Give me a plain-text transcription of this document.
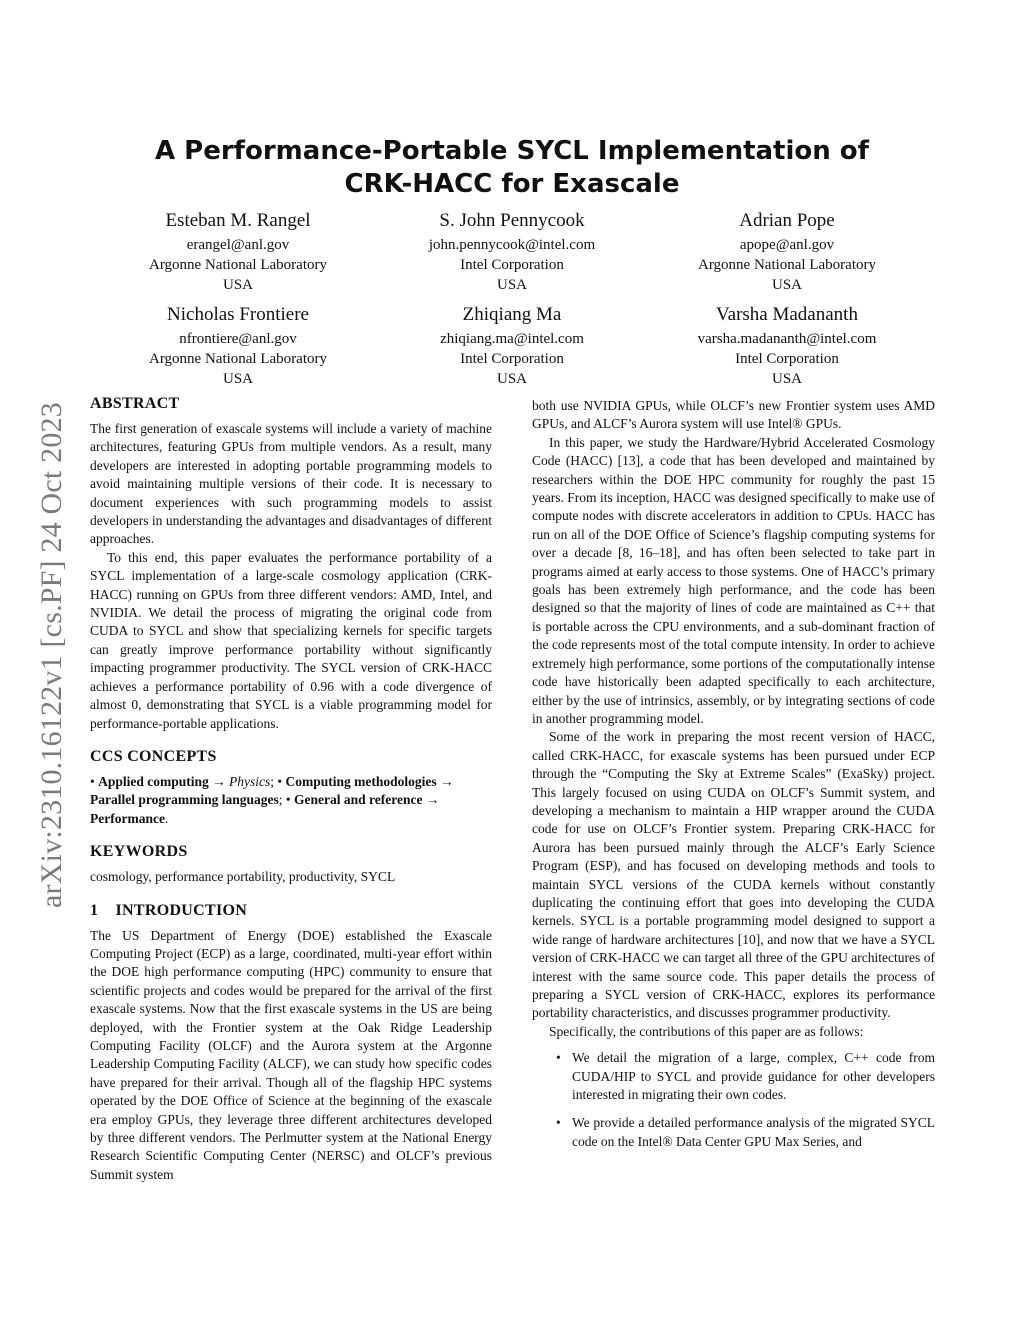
arXiv:2310.16122v1 [cs.PF] 24 Oct 2023
A Performance-Portable SYCL Implementation of
CRK-HACC for Exascale
Esteban M. Rangel
erangel@anl.gov
Argonne National Laboratory
USA
S. John Pennycook
john.pennycook@intel.com
Intel Corporation
USA
Adrian Pope
apope@anl.gov
Argonne National Laboratory
USA
Nicholas Frontiere
nfrontiere@anl.gov
Argonne National Laboratory
USA
Zhiqiang Ma
zhiqiang.ma@intel.com
Intel Corporation
USA
Varsha Madananth
varsha.madananth@intel.com
Intel Corporation
USA
ABSTRACT

The first generation of exascale systems will include a variety of machine architectures, featuring GPUs from multiple vendors. As a result, many developers are interested in adopting portable programming models to avoid maintaining multiple versions of their code. It is necessary to document experiences with such programming models to assist developers in understanding the advantages and disadvantages of different approaches.

To this end, this paper evaluates the performance portability of a SYCL implementation of a large-scale cosmology application (CRK-HACC) running on GPUs from three different vendors: AMD, Intel, and NVIDIA. We detail the process of migrating the original code from CUDA to SYCL and show that specializing kernels for specific targets can greatly improve performance portability without significantly impacting programmer productivity. The SYCL version of CRK-HACC achieves a performance portability of 0.96 with a code divergence of almost 0, demonstrating that SYCL is a viable programming model for performance-portable applications.

CCS CONCEPTS

• Applied computing → Physics; • Computing methodologies → Parallel programming languages; • General and reference → Performance.

KEYWORDS

cosmology, performance portability, productivity, SYCL

1    INTRODUCTION

The US Department of Energy (DOE) established the Exascale Computing Project (ECP) as a large, coordinated, multi-year effort within the DOE high performance computing (HPC) community to ensure that scientific projects and codes would be prepared for the arrival of the first exascale systems. Now that the first exascale systems in the US are being deployed, with the Frontier system at the Oak Ridge Leadership Computing Facility (OLCF) and the Aurora system at the Argonne Leadership Computing Facility (ALCF), we can study how specific codes have prepared for their arrival. Though all of the flagship HPC systems operated by the DOE Office of Science at the beginning of the exascale era employ GPUs, they leverage three different architectures developed by three different vendors. The Perlmutter system at the National Energy Research Scientific Computing Center (NERSC) and OLCF’s previous Summit system

both use NVIDIA GPUs, while OLCF’s new Frontier system uses AMD GPUs, and ALCF’s Aurora system will use Intel® GPUs.

In this paper, we study the Hardware/Hybrid Accelerated Cosmology Code (HACC) [13], a code that has been developed and maintained by researchers within the DOE HPC community for roughly the past 15 years. From its inception, HACC was designed specifically to make use of compute nodes with discrete accelerators in addition to CPUs. HACC has run on all of the DOE Office of Science’s flagship computing systems for over a decade [8, 16–18], and has often been selected to take part in programs aimed at early access to those systems. One of HACC’s primary goals has been extremely high performance, and the code has been designed so that the majority of lines of code are maintained as C++ that is portable across the CPU environments, and a sub-dominant fraction of the code represents most of the total compute intensity. In order to achieve extremely high performance, some portions of the computationally intense code have historically been adapted specifically to each architecture, either by the use of intrinsics, assembly, or by integrating sections of code in another programming model.

Some of the work in preparing the most recent version of HACC, called CRK-HACC, for exascale systems has been pursued under ECP through the “Computing the Sky at Extreme Scales” (ExaSky) project. This largely focused on using CUDA on OLCF’s Summit system, and developing a mechanism to maintain a HIP wrapper around the CUDA code for use on OLCF’s Frontier system. Preparing CRK-HACC for Aurora has been pursued mainly through the ALCF’s Early Science Program (ESP), and has focused on developing methods and tools to maintain SYCL versions of the CUDA kernels without constantly duplicating the continuing effort that goes into developing the CUDA kernels. SYCL is a portable programming model designed to support a wide range of hardware architectures [10], and now that we have a SYCL version of CRK-HACC we can target all three of the GPU architectures of interest with the same source code. This paper details the process of preparing a SYCL version of CRK-HACC, explores its performance portability characteristics, and discusses programmer productivity.

Specifically, the contributions of this paper are as follows:

• We detail the migration of a large, complex, C++ code from CUDA/HIP to SYCL and provide guidance for other developers interested in migrating their own codes.
• We provide a detailed performance analysis of the migrated SYCL code on the Intel® Data Center GPU Max Series, and
